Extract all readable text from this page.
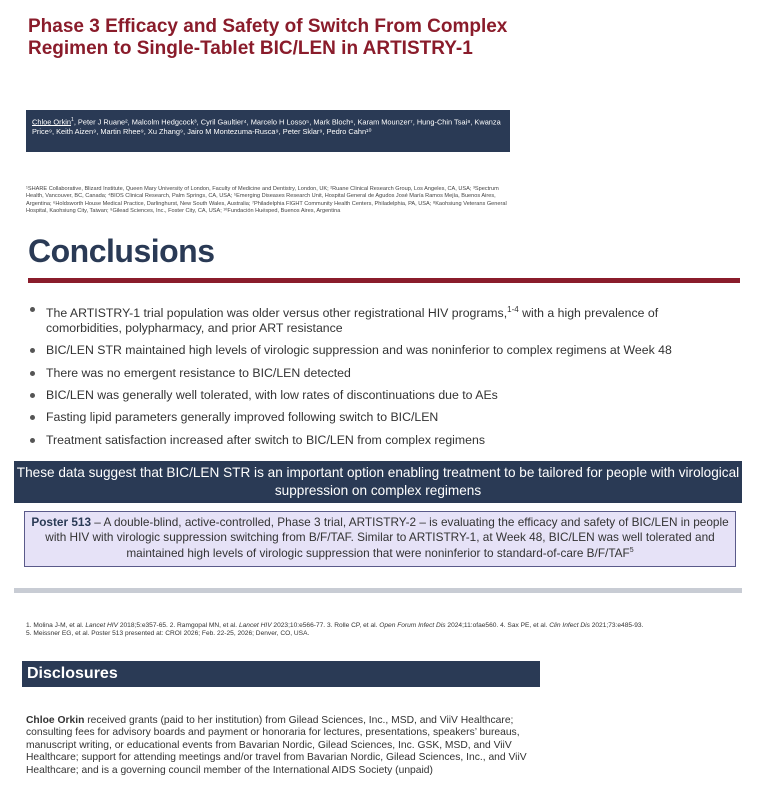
Phase 3 Efficacy and Safety of Switch From Complex Regimen to Single-Tablet BIC/LEN in ARTISTRY-1
Chloe Orkin$^1$, Peter J Ruane², Malcolm Hedgcock³, Cyril Gaultier⁴, Marcelo H Losso⁵, Mark Bloch⁶, Karam Mounzer⁷, Hung-Chin Tsai⁸, Kwanza Price⁹, Keith Aizen⁹, Martin Rhee⁹, Xu Zhang⁹, Jairo M Montezuma-Rusca⁹, Peter Sklar⁹, Pedro Cahn¹⁰
¹SHARE Collaborative, Blizard Institute, Queen Mary University of London, Faculty of Medicine and Dentistry, London, UK; ²Ruane Clinical Research Group, Los Angeles, CA, USA; ³Spectrum Health, Vancouver, BC, Canada; ⁴BIOS Clinical Research, Palm Springs, CA, USA; ⁵Emerging Diseases Research Unit, Hospital General de Agudos José María Ramos Mejía, Buenos Aires, Argentina; ⁶Holdsworth House Medical Practice, Darlinghurst, New South Wales, Australia; ⁷Philadelphia FIGHT Community Health Centers, Philadelphia, PA, USA; ⁸Kaohsiung Veterans General Hospital, Kaohsiung City, Taiwan; ⁹Gilead Sciences, Inc., Foster City, CA, USA; ¹⁰Fundación Huésped, Buenos Aires, Argentina
Conclusions
The ARTISTRY-1 trial population was older versus other registrational HIV programs,$^{1-4}$ with a high prevalence of comorbidities, polypharmacy, and prior ART resistance
BIC/LEN STR maintained high levels of virologic suppression and was noninferior to complex regimens at Week 48
There was no emergent resistance to BIC/LEN detected
BIC/LEN was generally well tolerated, with low rates of discontinuations due to AEs
Fasting lipid parameters generally improved following switch to BIC/LEN
Treatment satisfaction increased after switch to BIC/LEN from complex regimens
These data suggest that BIC/LEN STR is an important option enabling treatment to be tailored for people with virological suppression on complex regimens
Poster 513 – A double-blind, active-controlled, Phase 3 trial, ARTISTRY-2 – is evaluating the efficacy and safety of BIC/LEN in people with HIV with virologic suppression switching from B/F/TAF. Similar to ARTISTRY-1, at Week 48, BIC/LEN was well tolerated and maintained high levels of virologic suppression that were noninferior to standard-of-care B/F/TAF$^5$
1. Molina J-M, et al. Lancet HIV 2018;5:e357-65. 2. Ramgopal MN, et al. Lancet HIV 2023;10:e566-77. 3. Rolle CP, et al. Open Forum Infect Dis 2024;11:ofae560. 4. Sax PE, et al. Clin Infect Dis 2021;73:e485-93.
5. Meissner EG, et al. Poster 513 presented at: CROI 2026; Feb. 22-25, 2026; Denver, CO, USA.
Disclosures
Chloe Orkin received grants (paid to her institution) from Gilead Sciences, Inc., MSD, and ViiV Healthcare; consulting fees for advisory boards and payment or honoraria for lectures, presentations, speakers’ bureaus, manuscript writing, or educational events from Bavarian Nordic, Gilead Sciences, Inc. GSK, MSD, and ViiV Healthcare; support for attending meetings and/or travel from Bavarian Nordic, Gilead Sciences, Inc., and ViiV Healthcare; and is a governing council member of the International AIDS Society (unpaid)
